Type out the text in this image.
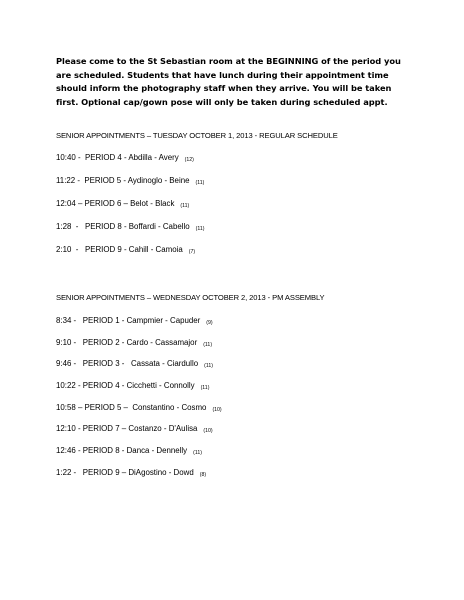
Please come to the St Sebastian room at the BEGINNING of the period you

are scheduled. Students that have lunch during their appointment time

should inform the photography staff when they arrive. You will be taken

first. Optional cap/gown pose will only be taken during scheduled appt.

SENIOR APPOINTMENTS – TUESDAY OCTOBER 1, 2013 - REGULAR SCHEDULE

10:40 -  PERIOD 4 - Abdilla - Avery (12)

11:22 -  PERIOD 5 - Aydinoglo - Beine (11)

12:04 – PERIOD 6 – Belot - Black (11)

1:28  -   PERIOD 8 - Boffardi - Cabello (11)

2:10  -   PERIOD 9 - Cahill - Camoia (7)

SENIOR APPOINTMENTS – WEDNESDAY OCTOBER 2, 2013 - PM ASSEMBLY

8:34 -   PERIOD 1 - Campmier - Capuder (9)

9:10 -   PERIOD 2 - Cardo - Cassamajor (11)

9:46 -   PERIOD 3 -   Cassata - Ciardullo (11)

10:22 - PERIOD 4 - Cicchetti - Connolly (11)

10:58 – PERIOD 5 –  Constantino - Cosmo (10)

12:10 - PERIOD 7 – Costanzo - D'Aulisa (10)

12:46 - PERIOD 8 - Danca - Dennelly (11)

1:22 -   PERIOD 9 – DiAgostino - Dowd (8)
